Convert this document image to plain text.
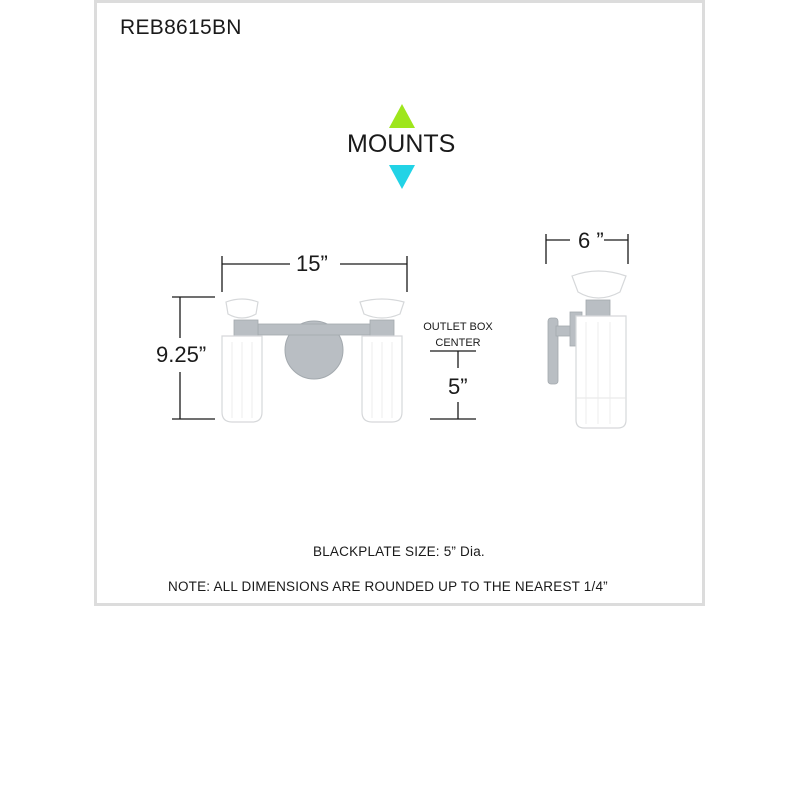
REB8615BN
MOUNTS
15”
9.25”
6 ”
OUTLET BOX
CENTER
5”
BLACKPLATE SIZE: 5” Dia.
NOTE: ALL DIMENSIONS ARE ROUNDED UP TO THE NEAREST 1/4”
